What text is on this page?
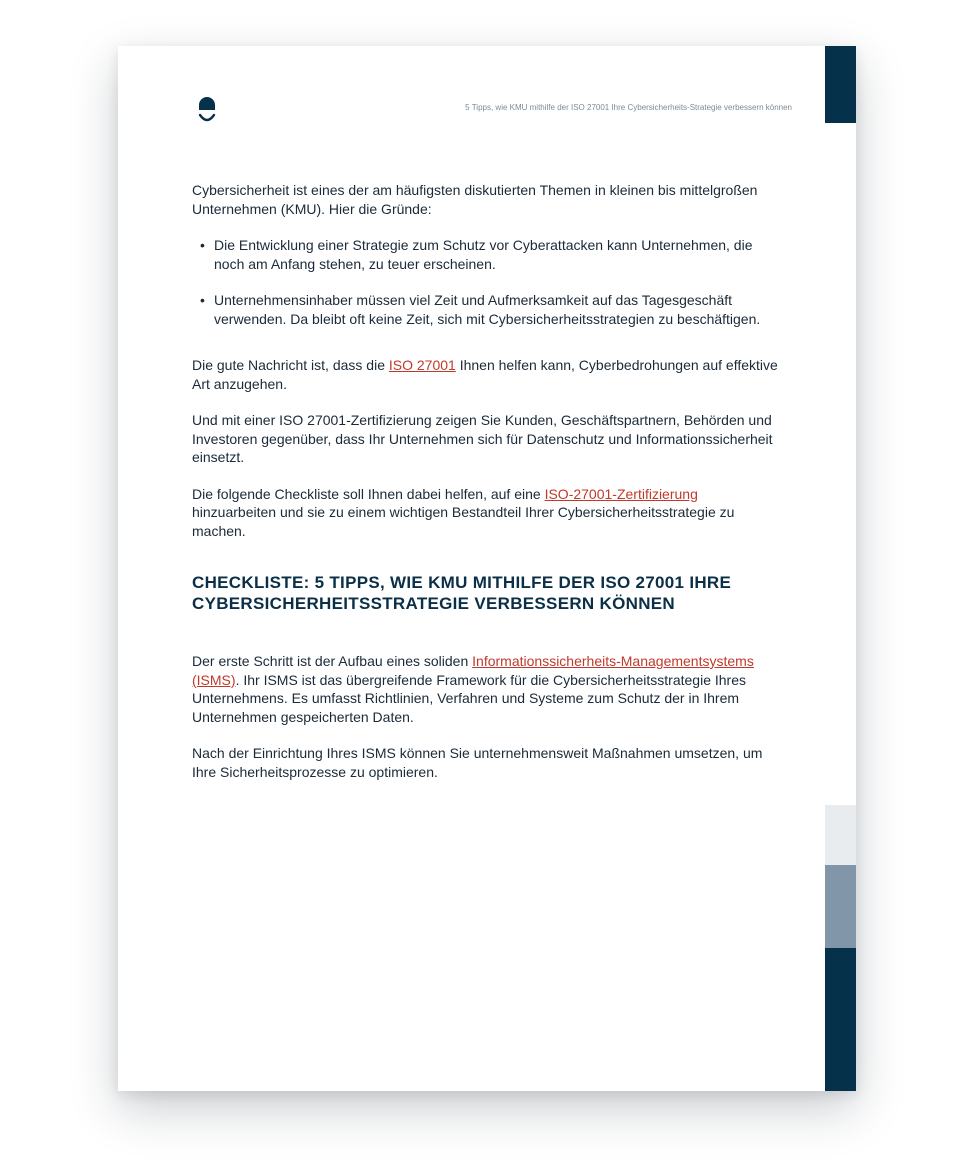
5 Tipps, wie KMU mithilfe der ISO 27001 Ihre Cybersicherheits-Strategie verbessern können

Cybersicherheit ist eines der am häufigsten diskutierten Themen in kleinen bis mittelgroßen Unternehmen (KMU). Hier die Gründe:

• Die Entwicklung einer Strategie zum Schutz vor Cyberattacken kann Unternehmen, die noch am Anfang stehen, zu teuer erscheinen.
• Unternehmensinhaber müssen viel Zeit und Aufmerksamkeit auf das Tagesgeschäft verwenden. Da bleibt oft keine Zeit, sich mit Cybersicherheitsstrategien zu beschäftigen.

Die gute Nachricht ist, dass die ISO 27001 Ihnen helfen kann, Cyberbedrohungen auf effektive Art anzugehen.

Und mit einer ISO 27001-Zertifizierung zeigen Sie Kunden, Geschäftspartnern, Behörden und Investoren gegenüber, dass Ihr Unternehmen sich für Datenschutz und Informationssicherheit einsetzt.

Die folgende Checkliste soll Ihnen dabei helfen, auf eine ISO-27001-Zertifizierung hinzuarbeiten und sie zu einem wichtigen Bestandteil Ihrer Cybersicherheitsstrategie zu machen.

CHECKLISTE: 5 TIPPS, WIE KMU MITHILFE DER ISO 27001 IHRE CYBERSICHERHEITSSTRATEGIE VERBESSERN KÖNNEN

Der erste Schritt ist der Aufbau eines soliden Informationssicherheits-Managementsystems (ISMS). Ihr ISMS ist das übergreifende Framework für die Cybersicherheitsstrategie Ihres Unternehmens. Es umfasst Richtlinien, Verfahren und Systeme zum Schutz der in Ihrem Unternehmen gespeicherten Daten.

Nach der Einrichtung Ihres ISMS können Sie unternehmensweit Maßnahmen umsetzen, um Ihre Sicherheitsprozesse zu optimieren.
